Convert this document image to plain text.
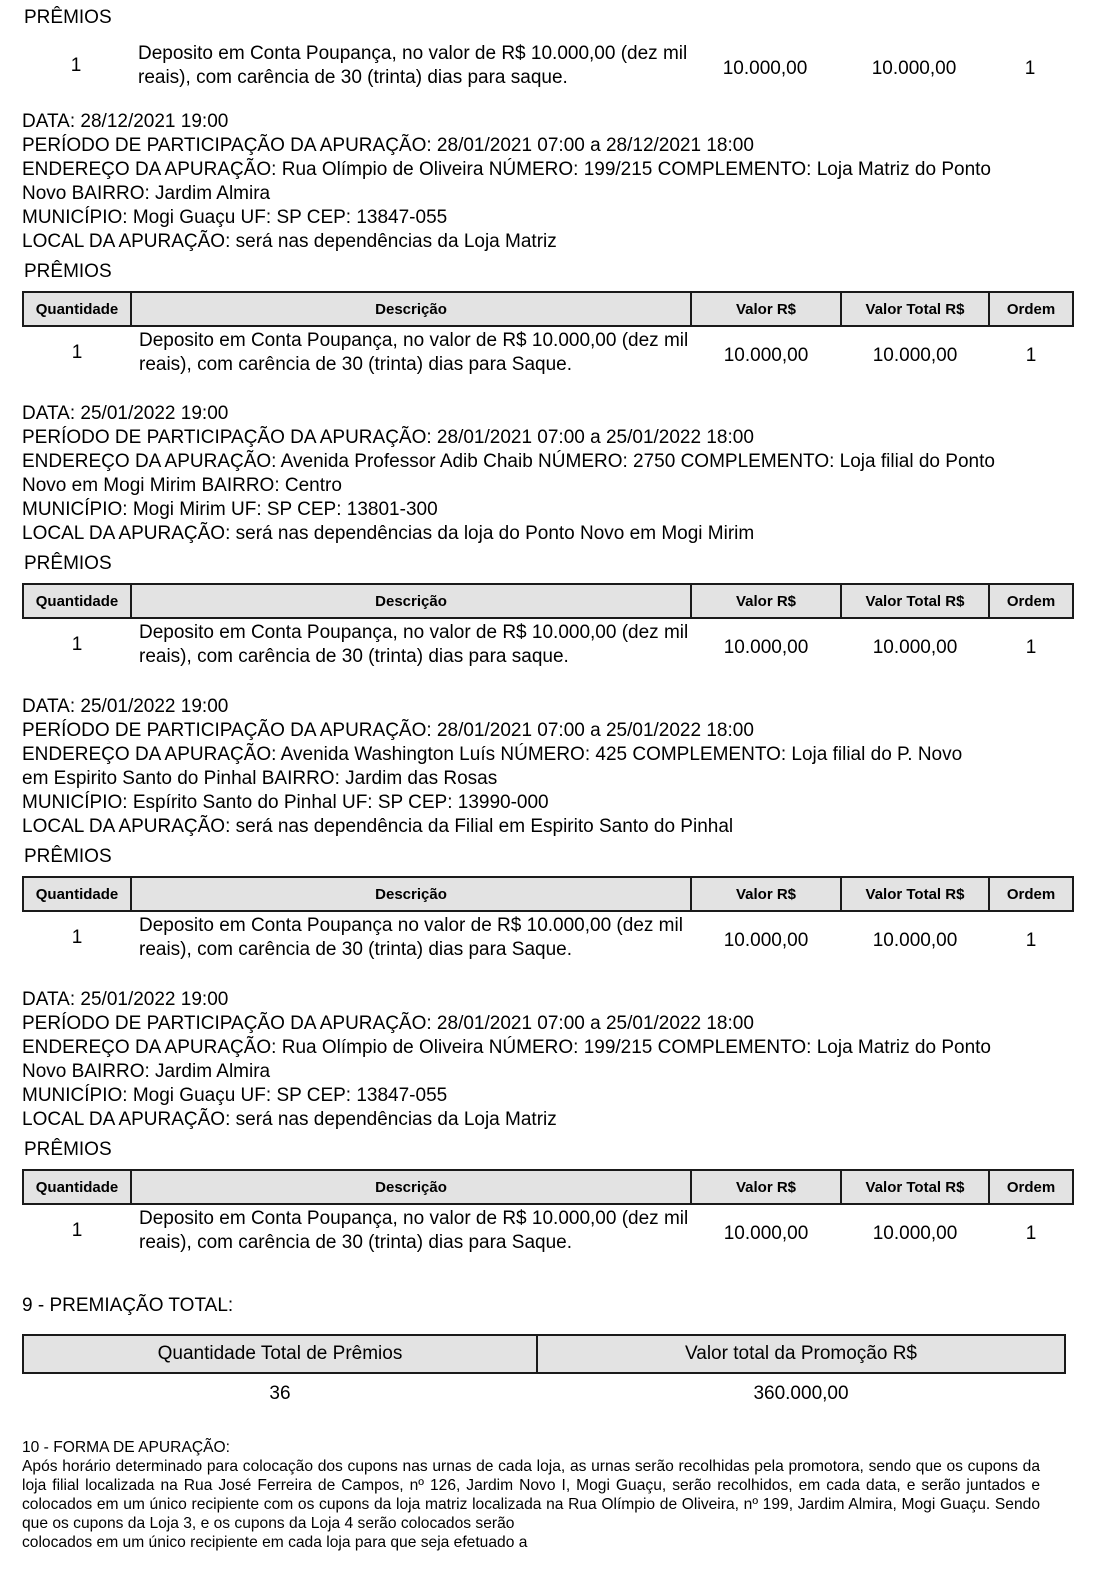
PRÊMIOS
1	Deposito em Conta Poupança, no valor de R$ 10.000,00 (dez mil reais), com carência de 30 (trinta) dias para saque.	10.000,00	10.000,00	1
DATA: 28/12/2021 19:00
PERÍODO DE PARTICIPAÇÃO DA APURAÇÃO: 28/01/2021 07:00 a 28/12/2021 18:00
ENDEREÇO DA APURAÇÃO: Rua Olímpio de Oliveira NÚMERO: 199/215 COMPLEMENTO: Loja Matriz do Ponto
Novo BAIRRO: Jardim Almira
MUNICÍPIO: Mogi Guaçu UF: SP CEP: 13847-055
LOCAL DA APURAÇÃO: será nas dependências da Loja Matriz
PRÊMIOS
Quantidade	Descrição	Valor R$	Valor Total R$	Ordem
1	Deposito em Conta Poupança, no valor de R$ 10.000,00 (dez mil reais), com carência de 30 (trinta) dias para Saque.	10.000,00	10.000,00	1
DATA: 25/01/2022 19:00
PERÍODO DE PARTICIPAÇÃO DA APURAÇÃO: 28/01/2021 07:00 a 25/01/2022 18:00
ENDEREÇO DA APURAÇÃO: Avenida Professor Adib Chaib NÚMERO: 2750 COMPLEMENTO: Loja filial do Ponto
Novo em Mogi Mirim BAIRRO: Centro
MUNICÍPIO: Mogi Mirim UF: SP CEP: 13801-300
LOCAL DA APURAÇÃO: será nas dependências da loja do Ponto Novo em Mogi Mirim
PRÊMIOS
Quantidade	Descrição	Valor R$	Valor Total R$	Ordem
1	Deposito em Conta Poupança, no valor de R$ 10.000,00 (dez mil reais), com carência de 30 (trinta) dias para saque.	10.000,00	10.000,00	1
DATA: 25/01/2022 19:00
PERÍODO DE PARTICIPAÇÃO DA APURAÇÃO: 28/01/2021 07:00 a 25/01/2022 18:00
ENDEREÇO DA APURAÇÃO: Avenida Washington Luís NÚMERO: 425 COMPLEMENTO: Loja filial do P. Novo
em Espirito Santo do Pinhal BAIRRO: Jardim das Rosas
MUNICÍPIO: Espírito Santo do Pinhal UF: SP CEP: 13990-000
LOCAL DA APURAÇÃO: será nas dependência da Filial em Espirito Santo do Pinhal
PRÊMIOS
Quantidade	Descrição	Valor R$	Valor Total R$	Ordem
1	Deposito em Conta Poupança no valor de R$ 10.000,00 (dez mil reais), com carência de 30 (trinta) dias para Saque.	10.000,00	10.000,00	1
DATA: 25/01/2022 19:00
PERÍODO DE PARTICIPAÇÃO DA APURAÇÃO: 28/01/2021 07:00 a 25/01/2022 18:00
ENDEREÇO DA APURAÇÃO: Rua Olímpio de Oliveira NÚMERO: 199/215 COMPLEMENTO: Loja Matriz do Ponto
Novo BAIRRO: Jardim Almira
MUNICÍPIO: Mogi Guaçu UF: SP CEP: 13847-055
LOCAL DA APURAÇÃO: será nas dependências da Loja Matriz
PRÊMIOS
Quantidade	Descrição	Valor R$	Valor Total R$	Ordem
1	Deposito em Conta Poupança, no valor de R$ 10.000,00 (dez mil reais), com carência de 30 (trinta) dias para Saque.	10.000,00	10.000,00	1
9 - PREMIAÇÃO TOTAL:
Quantidade Total de Prêmios	Valor total da Promoção R$
36	360.000,00
10 - FORMA DE APURAÇÃO:

Após horário determinado para colocação dos cupons nas urnas de cada loja, as urnas serão recolhidas pela promotora, sendo que os cupons da loja filial localizada na Rua José Ferreira de Campos, nº 126, Jardim Novo I, Mogi Guaçu, serão recolhidos, em cada data, e serão juntados e colocados em um único recipiente com os cupons da loja matriz localizada na Rua Olímpio de Oliveira, nº 199, Jardim Almira, Mogi Guaçu. Sendo que os cupons da Loja 3, e os cupons da Loja 4 serão colocados serão

colocados em um único recipiente em cada loja para que seja efetuado a
